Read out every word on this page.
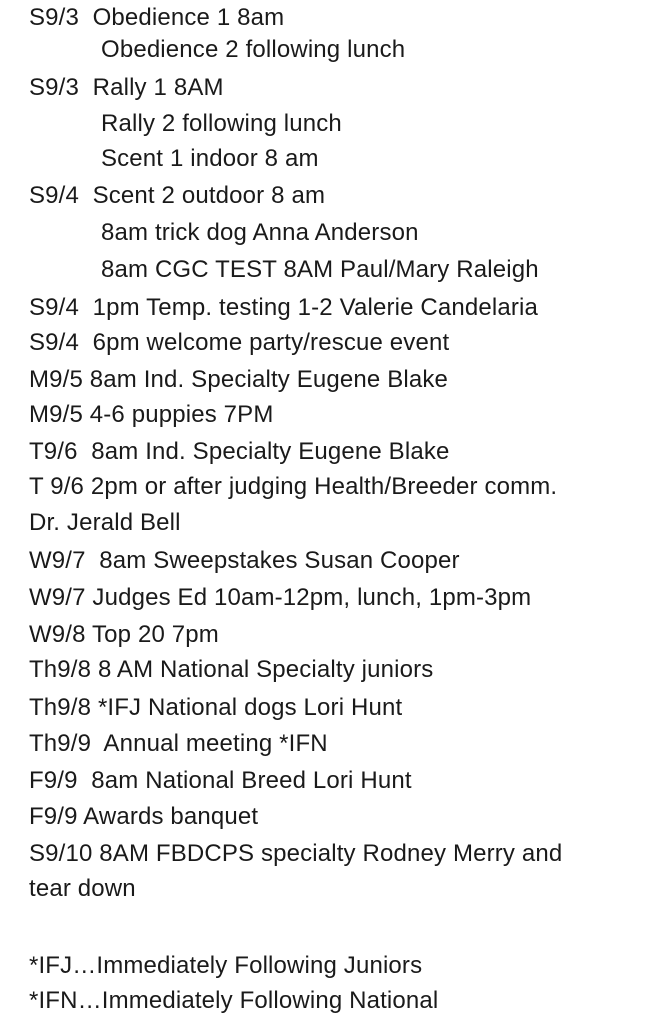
S9/3  Obedience 1 8am
Obedience 2 following lunch
S9/3  Rally 1 8AM
Rally 2 following lunch
Scent 1 indoor 8 am
S9/4  Scent 2 outdoor 8 am
8am trick dog Anna Anderson
8am CGC TEST 8AM Paul/Mary Raleigh
S9/4  1pm Temp. testing 1-2 Valerie Candelaria
S9/4  6pm welcome party/rescue event
M9/5 8am Ind. Specialty Eugene Blake
M9/5 4-6 puppies 7PM
T9/6  8am Ind. Specialty Eugene Blake
T 9/6 2pm or after judging Health/Breeder comm.
Dr. Jerald Bell
W9/7  8am Sweepstakes Susan Cooper
W9/7 Judges Ed 10am-12pm, lunch, 1pm-3pm
W9/8 Top 20 7pm
Th9/8 8 AM National Specialty juniors
Th9/8 *IFJ National dogs Lori Hunt
Th9/9  Annual meeting *IFN
F9/9  8am National Breed Lori Hunt
F9/9 Awards banquet
S9/10 8AM FBDCPS specialty Rodney Merry and
tear down
*IFJ…Immediately Following Juniors
*IFN…Immediately Following National
